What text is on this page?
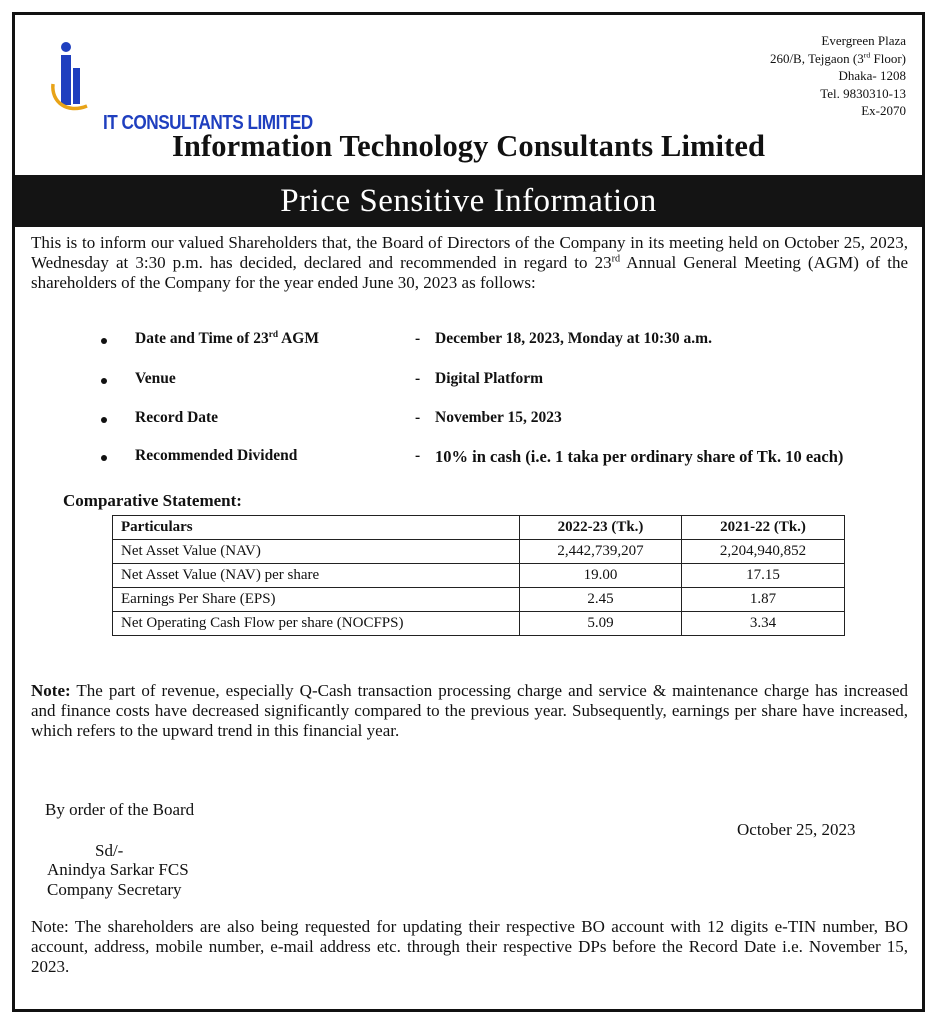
IT CONSULTANTS LIMITED
Evergreen Plaza
260/B, Tejgaon (3rd Floor)
Dhaka- 1208
Tel. 9830310-13
Ex-2070
Information Technology Consultants Limited
Price Sensitive Information
This is to inform our valued Shareholders that, the Board of Directors of the Company in its meeting held on October 25, 2023, Wednesday at 3:30 p.m. has decided, declared and recommended in regard to 23rd Annual General Meeting (AGM) of the shareholders of the Company for the year ended June 30, 2023 as follows:
Date and Time of 23rd AGM	- December 18, 2023, Monday at 10:30 a.m.
Venue	- Digital Platform
Record Date	- November 15, 2023
Recommended Dividend	- 10% in cash (i.e. 1 taka per ordinary share of Tk. 10 each)
Comparative Statement:
Particulars	2022-23 (Tk.)	2021-22 (Tk.)
Net Asset Value (NAV)	2,442,739,207	2,204,940,852
Net Asset Value (NAV) per share	19.00	17.15
Earnings Per Share (EPS)	2.45	1.87
Net Operating Cash Flow per share (NOCFPS)	5.09	3.34
Note: The part of revenue, especially Q-Cash transaction processing charge and service & maintenance charge has increased and finance costs have decreased significantly compared to the previous year. Subsequently, earnings per share have increased, which refers to the upward trend in this financial year.
By order of the Board
October 25, 2023
Sd/-
Anindya Sarkar FCS
Company Secretary
Note: The shareholders are also being requested for updating their respective BO account with 12 digits e-TIN number, BO account, address, mobile number, e-mail address etc. through their respective DPs before the Record Date i.e. November 15, 2023.
